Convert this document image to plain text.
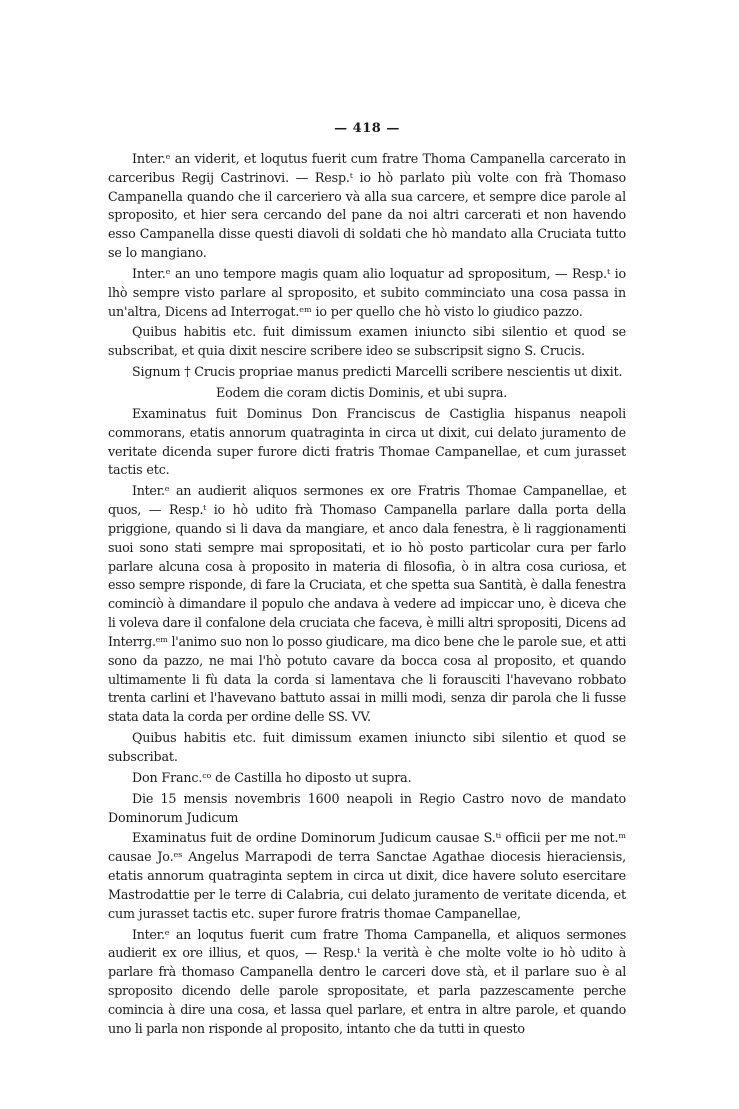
— 418 —

Inter.ᵉ an viderit, et loqutus fuerit cum fratre Thoma Campanella carcerato in carceribus Regij Castrinovi. — Resp.ᵗ io hò parlato più volte con frà Thomaso Campanella quando che il carceriero và alla sua carcere, et sempre dice parole al sproposito, et hier sera cercando del pane da noi altri carcerati et non havendo esso Campanella disse questi diavoli di soldati che hò mandato alla Cruciata tutto se lo mangiano.

Inter.ᵉ an uno tempore magis quam alio loquatur ad spropositum, — Resp.ᵗ io lhò sempre visto parlare al sproposito, et subito comminciato una cosa passa in un'altra, Dicens ad Interrogat.ᵉᵐ io per quello che hò visto lo giudico pazzo.

Quibus habitis etc. fuit dimissum examen iniuncto sibi silentio et quod se subscribat, et quia dixit nescire scribere ideo se subscripsit signo S. Crucis.

Signum † Crucis propriae manus predicti Marcelli scribere nescientis ut dixit.

Eodem die coram dictis Dominis, et ubi supra.

Examinatus fuit Dominus Don Franciscus de Castiglia hispanus neapoli commorans, etatis annorum quatraginta in circa ut dixit, cui delato juramento de veritate dicenda super furore dicti fratris Thomae Campanellae, et cum jurasset tactis etc.

Inter.ᵉ an audierit aliquos sermones ex ore Fratris Thomae Campanellae, et quos, — Resp.ᵗ io hò udito frà Thomaso Campanella parlare dalla porta della priggione, quando si li dava da mangiare, et anco dala fenestra, è li raggionamenti suoi sono stati sempre mai spropositati, et io hò posto particolar cura per farlo parlare alcuna cosa à proposito in materia di filosofia, ò in altra cosa curiosa, et esso sempre risponde, di fare la Cruciata, et che spetta sua Santità, è dalla fenestra cominciò à dimandare il populo che andava à vedere ad impiccar uno, è diceva che li voleva dare il confalone dela cruciata che faceva, è milli altri spropositi, Dicens ad Interrg.ᵉᵐ l'animo suo non lo posso giudicare, ma dico bene che le parole sue, et atti sono da pazzo, ne mai l'hò potuto cavare da bocca cosa al proposito, et quando ultimamente li fù data la corda si lamentava che li forausciti l'havevano robbato trenta carlini et l'havevano battuto assai in milli modi, senza dir parola che li fusse stata data la corda per ordine delle SS. VV.

Quibus habitis etc. fuit dimissum examen iniuncto sibi silentio et quod se subscribat.

Don Franc.ᶜᵒ de Castilla ho diposto ut supra.

Die 15 mensis novembris 1600 neapoli in Regio Castro novo de mandato Dominorum Judicum

Examinatus fuit de ordine Dominorum Judicum causae S.ᵗⁱ officii per me not.ᵐ causae Jo.ᵉˢ Angelus Marrapodi de terra Sanctae Agathae diocesis hieraciensis, etatis annorum quatraginta septem in circa ut dixit, dice havere soluto esercitare Mastrodattie per le terre di Calabria, cui delato juramento de veritate dicenda, et cum jurasset tactis etc. super furore fratris thomae Campanellae,

Inter.ᵉ an loqutus fuerit cum fratre Thoma Campanella, et aliquos sermones audierit ex ore illius, et quos, — Resp.ᵗ la verità è che molte volte io hò udito à parlare frà thomaso Campanella dentro le carceri dove stà, et il parlare suo è al sproposito dicendo delle parole spropositate, et parla pazzescamente perche comincia à dire una cosa, et lassa quel parlare, et entra in altre parole, et quando uno li parla non risponde al proposito, intanto che da tutti in questo
